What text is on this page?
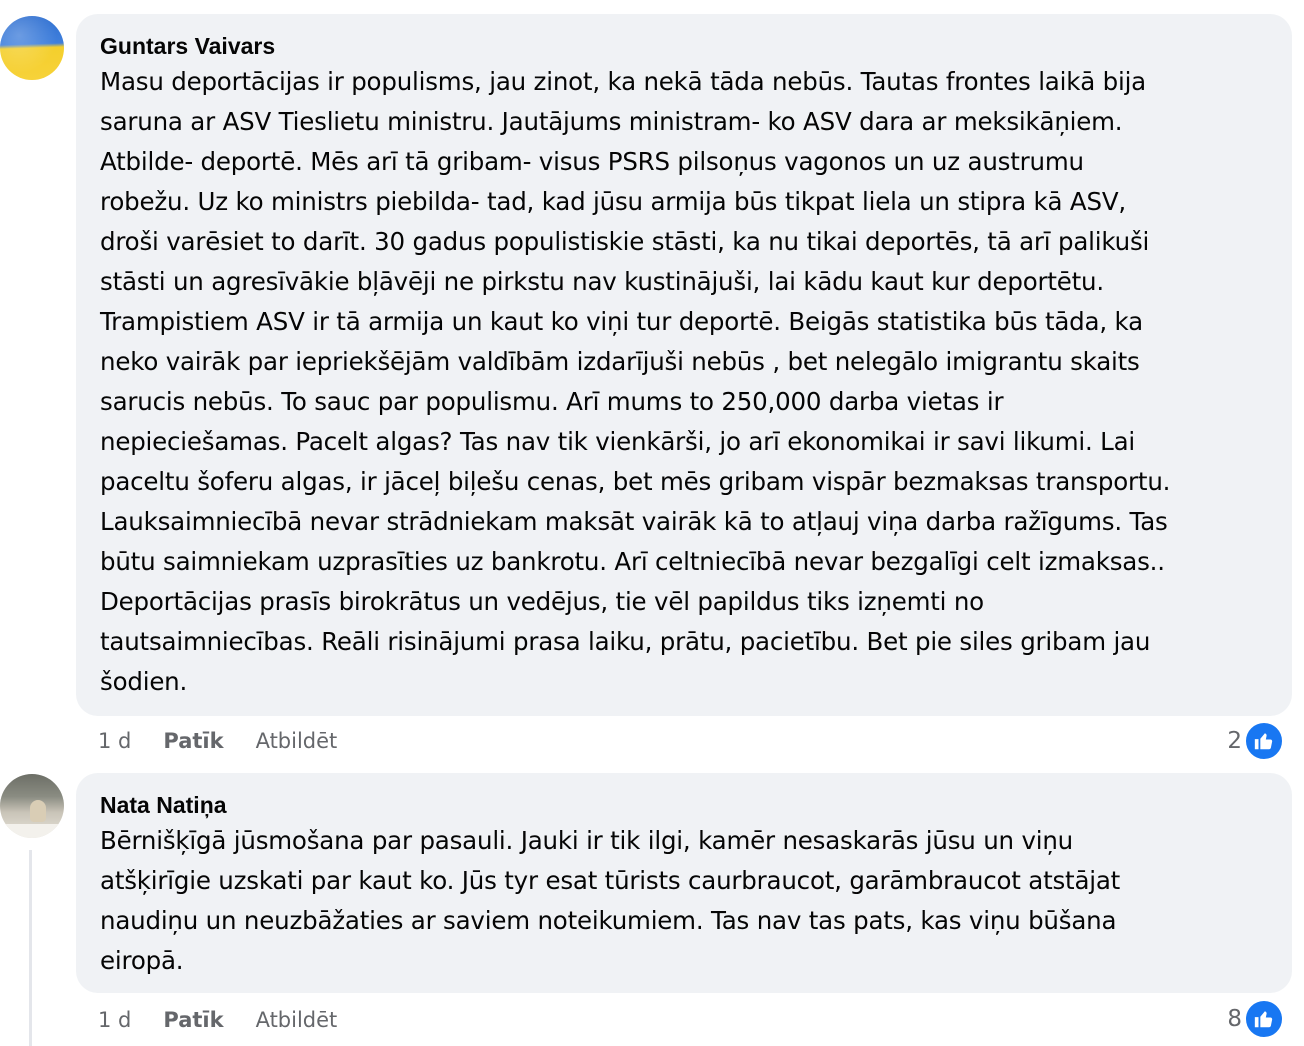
Guntars Vaivars
Masu deportācijas ir populisms, jau zinot, ka nekā tāda nebūs. Tautas frontes laikā bija
saruna ar ASV Tieslietu ministru. Jautājums ministram- ko ASV dara ar meksikāņiem.
Atbilde- deportē. Mēs arī tā gribam- visus PSRS pilsoņus vagonos un uz austrumu
robežu. Uz ko ministrs piebilda- tad, kad jūsu armija būs tikpat liela un stipra kā ASV,
droši varēsiet to darīt. 30 gadus populistiskie stāsti, ka nu tikai deportēs, tā arī palikuši
stāsti un agresīvākie bļāvēji ne pirkstu nav kustinājuši, lai kādu kaut kur deportētu.
Trampistiem ASV ir tā armija un kaut ko viņi tur deportē. Beigās statistika būs tāda, ka
neko vairāk par iepriekšējām valdībām izdarījuši nebūs , bet nelegālo imigrantu skaits
sarucis nebūs. To sauc par populismu. Arī mums to 250,000 darba vietas ir
nepieciešamas. Pacelt algas? Tas nav tik vienkārši, jo arī ekonomikai ir savi likumi. Lai
paceltu šoferu algas, ir jāceļ biļešu cenas, bet mēs gribam vispār bezmaksas transportu.
Lauksaimniecībā nevar strādniekam maksāt vairāk kā to atļauj viņa darba ražīgums. Tas
būtu saimniekam uzprasīties uz bankrotu. Arī celtniecībā nevar bezgalīgi celt izmaksas..
Deportācijas prasīs birokrātus un vedējus, tie vēl papildus tiks izņemti no
tautsaimniecības. Reāli risinājumi prasa laiku, prātu, pacietību. Bet pie siles gribam jau
šodien.
1 d Patīk Atbildēt	2
Nata Natiņa
Bērnišķīgā jūsmošana par pasauli. Jauki ir tik ilgi, kamēr nesaskarās jūsu un viņu
atšķirīgie uzskati par kaut ko. Jūs tyr esat tūrists caurbraucot, garāmbraucot atstājat
naudiņu un neuzbāžaties ar saviem noteikumiem. Tas nav tas pats, kas viņu būšana
eiropā.
1 d Patīk Atbildēt	8
